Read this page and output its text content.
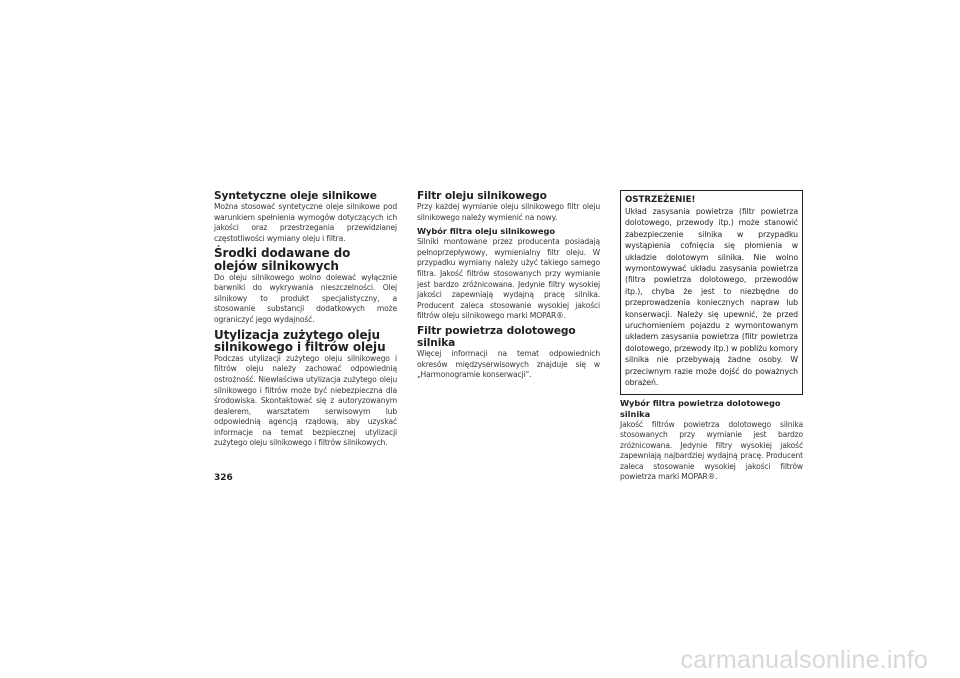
Syntetyczne oleje silnikowe

Można stosować syntetyczne oleje silnikowe pod warunkiem spełnienia wymogów dotyczących ich jakości oraz przestrzegania przewidzianej częstotliwości wymiany oleju i filtra.

Środki dodawane do olejów silnikowych

Do oleju silnikowego wolno dolewać wyłącznie barwniki do wykrywania nieszczelności. Olej silnikowy to produkt specjalistyczny, a stosowanie substancji dodatkowych może ograniczyć jego wydajność.

Utylizacja zużytego oleju silnikowego i filtrów oleju

Podczas utylizacji zużytego oleju silnikowego i filtrów oleju należy zachować odpowiednią ostrożność. Niewłaściwa utylizacja zużytego oleju silnikowego i filtrów może być niebezpieczna dla środowiska. Skontaktować się z autoryzowanym dealerem, warsztatem serwisowym lub odpowiednią agencją rządową, aby uzyskać informacje na temat bezpiecznej utylizacji zużytego oleju silnikowego i filtrów silnikowych.

Filtr oleju silnikowego

Przy każdej wymianie oleju silnikowego filtr oleju silnikowego należy wymienić na nowy.

Wybór filtra oleju silnikowego

Silniki montowane przez producenta posiadają pełnoprzepływowy, wymienialny filtr oleju. W przypadku wymiany należy użyć takiego samego filtra. Jakość filtrów stosowanych przy wymianie jest bardzo zróżnicowana. Jedynie filtry wysokiej jakości zapewniają wydajną pracę silnika. Producent zaleca stosowanie wysokiej jakości filtrów oleju silnikowego marki MOPAR®.

Filtr powietrza dolotowego silnika

Więcej informacji na temat odpowiednich okresów międzyserwisowych znajduje się w „Harmonogramie konserwacji”.

OSTRZEŻENIE!

Układ zasysania powietrza (filtr powietrza dolotowego, przewody itp.) może stanowić zabezpieczenie silnika w przypadku wystąpienia cofnięcia się płomienia w układzie dolotowym silnika. Nie wolno wymontowywać układu zasysania powietrza (filtra powietrza dolotowego, przewodów itp.), chyba że jest to niezbędne do przeprowadzenia koniecznych napraw lub konserwacji. Należy się upewnić, że przed uruchomieniem pojazdu z wymontowanym układem zasysania powietrza (filtr powietrza dolotowego, przewody itp.) w pobliżu komory silnika nie przebywają żadne osoby. W przeciwnym razie może dojść do poważnych obrażeń.

Wybór filtra powietrza dolotowego silnika

Jakość filtrów powietrza dolotowego silnika stosowanych przy wymianie jest bardzo zróżnicowana. Jedynie filtry wysokiej jakość zapewniają najbardziej wydajną pracę. Producent zaleca stosowanie wysokiej jakości filtrów powietrza marki MOPAR®.

326
carmanualsonline.info
